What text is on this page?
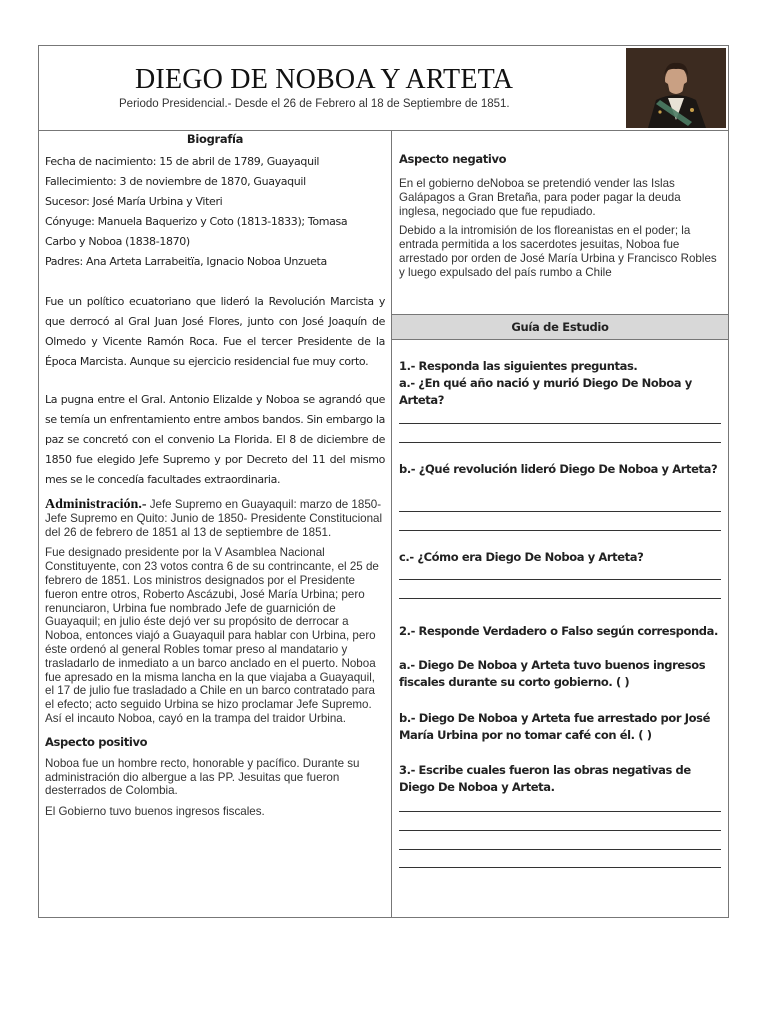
DIEGO DE NOBOA Y ARTETA
Periodo Presidencial.- Desde el 26 de Febrero al 18 de Septiembre de 1851.
Biografía

Fecha de nacimiento: 15 de abril de 1789, Guayaquil

Fallecimiento: 3 de noviembre de 1870, Guayaquil

Sucesor: José María Urbina y Viteri

Cónyuge: Manuela Baquerizo y Coto (1813-1833); Tomasa

Carbo y Noboa (1838-1870)

Padres: Ana Arteta Larrabeitïa, Ignacio Noboa Unzueta

Fue un político ecuatoriano que lideró la Revolución Marcista y que derrocó al Gral Juan José Flores, junto con José Joaquín de Olmedo y Vicente Ramón Roca. Fue el tercer Presidente de la Época Marcista. Aunque su ejercicio residencial fue muy corto.

La pugna entre el Gral. Antonio Elizalde y Noboa se agrandó que se temía un enfrentamiento entre ambos bandos. Sin embargo la paz se concretó con el convenio La Florida. El 8 de diciembre de 1850 fue elegido Jefe Supremo y por Decreto del 11 del mismo mes se le concedía facultades extraordinaria.

Administración.- Jefe Supremo en Guayaquil: marzo de 1850- Jefe Supremo en Quito: Junio de 1850- Presidente Constitucional del 26 de febrero de 1851 al 13 de septiembre de 1851.

Fue designado presidente por la V Asamblea Nacional Constituyente, con 23 votos contra 6 de su contrincante, el 25 de febrero de 1851. Los ministros designados por el Presidente fueron entre otros, Roberto Ascázubi, José María Urbina; pero renunciaron, Urbina fue nombrado Jefe de guarnición de Guayaquil; en julio éste dejó ver su propósito de derrocar a Noboa, entonces viajó a Guayaquil para hablar con Urbina, pero éste ordenó al general Robles tomar preso al mandatario y trasladarlo de inmediato a un barco anclado en el puerto. Noboa fue apresado en la misma lancha en la que viajaba a Guayaquil, el 17 de julio fue trasladado a Chile en un barco contratado para el efecto; acto seguido Urbina se hizo proclamar Jefe Supremo. Así el incauto Noboa, cayó en la trampa del traidor Urbina.

Aspecto positivo

Noboa fue un hombre recto, honorable y pacífico. Durante su administración dio albergue a las PP. Jesuitas que fueron desterrados de Colombia.

El Gobierno tuvo buenos ingresos fiscales.

Aspecto negativo

En el gobierno deNoboa se pretendió vender las Islas Galápagos a Gran Bretaña, para poder pagar la deuda inglesa, negociado que fue repudiado.

Debido a la intromisión de los floreanistas en el poder; la entrada permitida a los sacerdotes jesuitas, Noboa fue arrestado por orden de José María Urbina y Francisco Robles y luego expulsado del país rumbo a Chile

Guía de Estudio

1.- Responda las siguientes preguntas.

a.- ¿En qué año nació y murió Diego De Noboa y Arteta?

b.- ¿Qué revolución lideró Diego De Noboa y Arteta?

c.- ¿Cómo era Diego De Noboa y Arteta?

2.- Responde Verdadero o Falso según corresponda.

a.- Diego De Noboa y Arteta tuvo buenos ingresos fiscales durante su corto gobierno. ( )

b.- Diego De Noboa y Arteta fue arrestado por José María Urbina por no tomar café con él. ( )

3.- Escribe cuales fueron las obras negativas de Diego De Noboa y Arteta.
